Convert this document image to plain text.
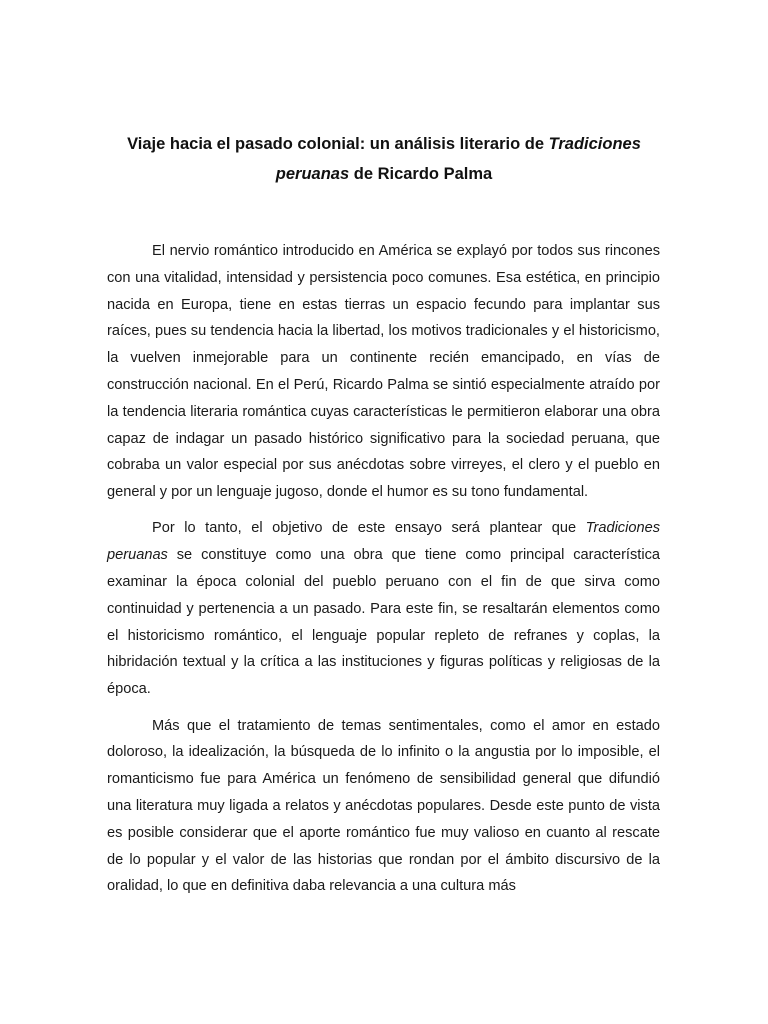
Viaje hacia el pasado colonial: un análisis literario de Tradiciones
peruanas de Ricardo Palma

El nervio romántico introducido en América se explayó por todos sus rincones con una vitalidad, intensidad y persistencia poco comunes. Esa estética, en principio nacida en Europa, tiene en estas tierras un espacio fecundo para implantar sus raíces, pues su tendencia hacia la libertad, los motivos tradicionales y el historicismo, la vuelven inmejorable para un continente recién emancipado, en vías de construcción nacional. En el Perú, Ricardo Palma se sintió especialmente atraído por la tendencia literaria romántica cuyas características le permitieron elaborar una obra capaz de indagar un pasado histórico significativo para la sociedad peruana, que cobraba un valor especial por sus anécdotas sobre virreyes, el clero y el pueblo en general y por un lenguaje jugoso, donde el humor es su tono fundamental.

Por lo tanto, el objetivo de este ensayo será plantear que Tradiciones peruanas se constituye como una obra que tiene como principal característica examinar la época colonial del pueblo peruano con el fin de que sirva como continuidad y pertenencia a un pasado. Para este fin, se resaltarán elementos como el historicismo romántico, el lenguaje popular repleto de refranes y coplas, la hibridación textual y la crítica a las instituciones y figuras políticas y religiosas de la época.

Más que el tratamiento de temas sentimentales, como el amor en estado doloroso, la idealización, la búsqueda de lo infinito o la angustia por lo imposible, el romanticismo fue para América un fenómeno de sensibilidad general que difundió una literatura muy ligada a relatos y anécdotas populares. Desde este punto de vista es posible considerar que el aporte romántico fue muy valioso en cuanto al rescate de lo popular y el valor de las historias que rondan por el ámbito discursivo de la oralidad, lo que en definitiva daba relevancia a una cultura más
